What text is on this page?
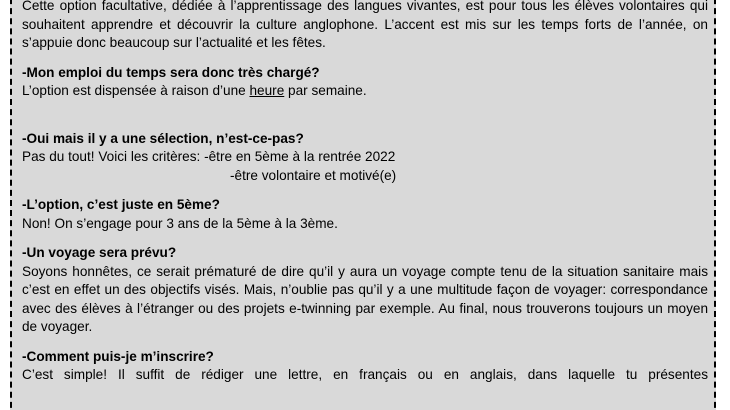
Cette option facultative, dédiée à l’apprentissage des langues vivantes, est pour tous les élèves volontaires qui souhaitent apprendre et découvrir la culture anglophone. L’accent est mis sur les temps forts de l’année, on s’appuie donc beaucoup sur l’actualité et les fêtes.

-Mon emploi du temps sera donc très chargé?

L’option est dispensée à raison d’une heure par semaine.

-Oui mais il y a une sélection, n’est-ce-pas?

Pas du tout! Voici les critères: -être en 5ème à la rentrée 2022

-être volontaire et motivé(e)

-L’option, c’est juste en 5ème?

Non! On s’engage pour 3 ans de la 5ème à la 3ème.

-Un voyage sera prévu?

Soyons honnêtes, ce serait prématuré de dire qu’il y aura un voyage compte tenu de la situation sanitaire mais c’est en effet un des objectifs visés. Mais, n’oublie pas qu’il y a une multitude façon de voyager: correspondance avec des élèves à l’étranger ou des projets e-twinning par exemple. Au final, nous trouverons toujours un moyen de voyager.

-Comment puis-je m’inscrire?

C’est simple! Il suffit de rédiger une lettre, en français ou en anglais, dans laquelle tu présentes
